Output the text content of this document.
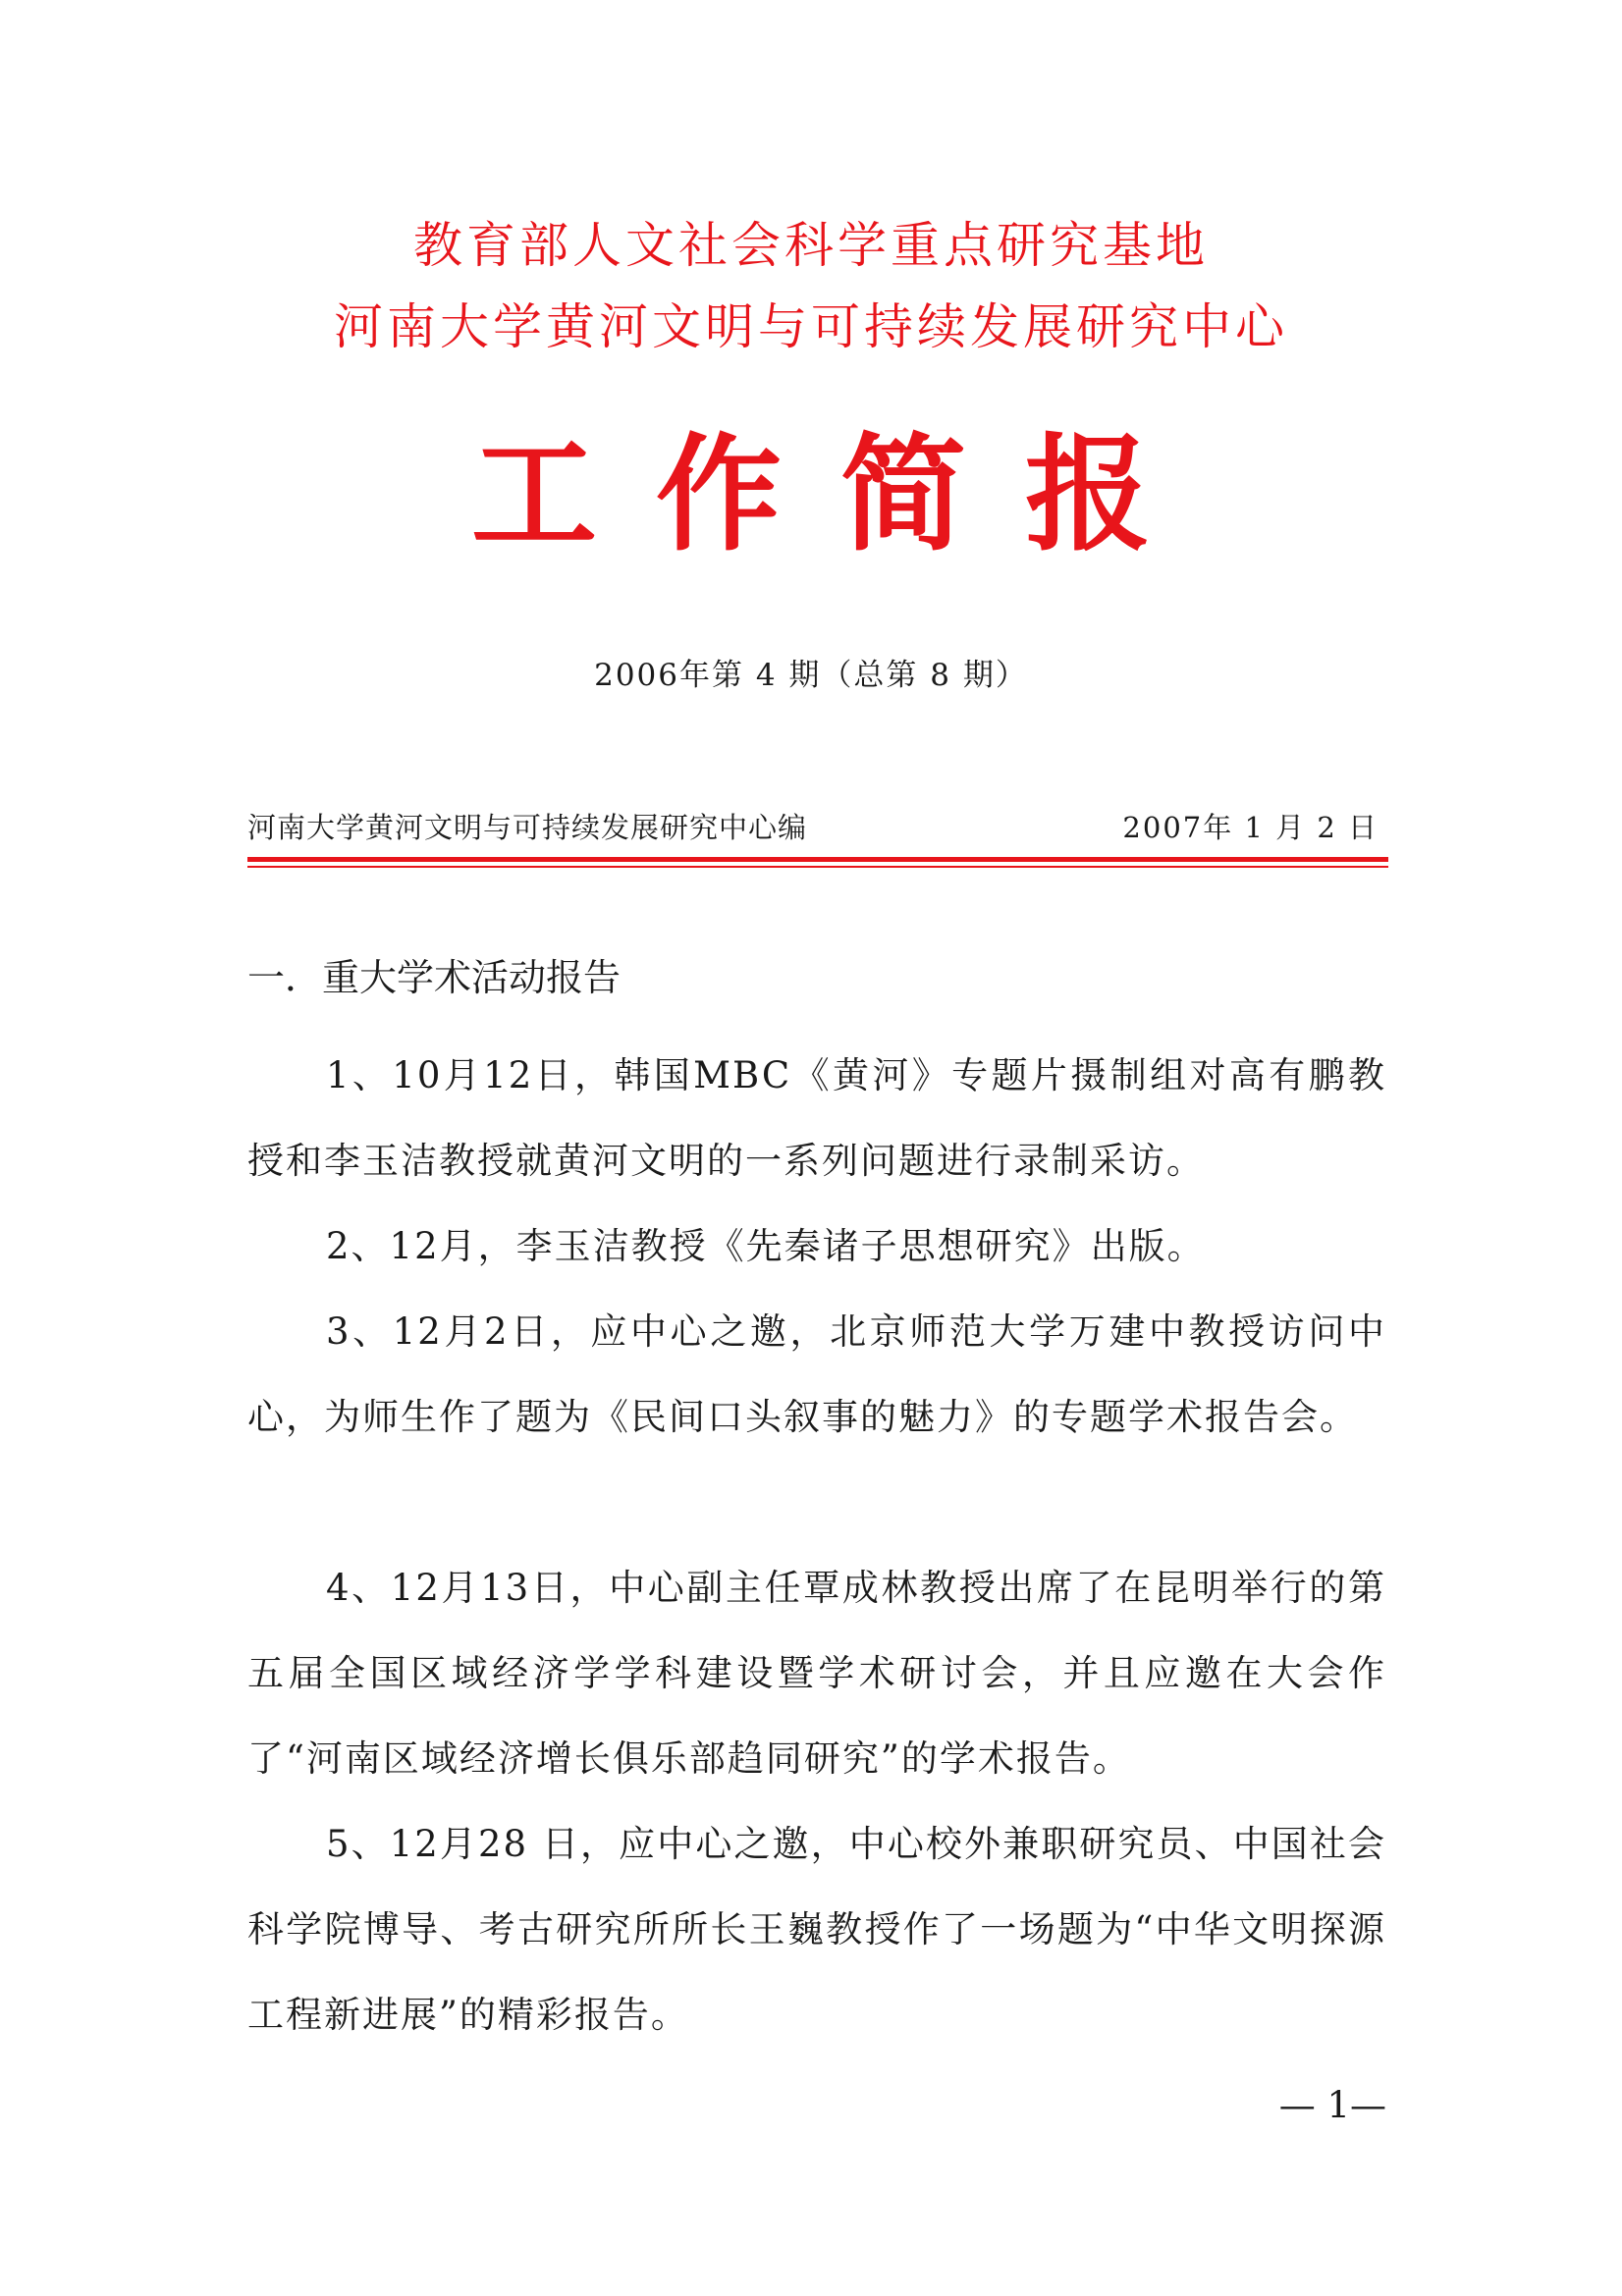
教育部人文社会科学重点研究基地
河南大学黄河文明与可持续发展研究中心
工作简报
2006年第 4 期（总第 8 期）
河南大学黄河文明与可持续发展研究中心编	2007年 1 月 2 日
一．重大学术活动报告

1、10月12日，韩国MBC《黄河》专题片摄制组对高有鹏教授和李玉洁教授就黄河文明的一系列问题进行录制采访。

2、12月，李玉洁教授《先秦诸子思想研究》出版。

3、12月2日，应中心之邀，北京师范大学万建中教授访问中心，为师生作了题为《民间口头叙事的魅力》的专题学术报告会。

4、12月13日，中心副主任覃成林教授出席了在昆明举行的第五届全国区域经济学学科建设暨学术研讨会，并且应邀在大会作了“河南区域经济增长俱乐部趋同研究”的学术报告。

5、12月28 日，应中心之邀，中心校外兼职研究员、中国社会科学院博导、考古研究所所长王巍教授作了一场题为“中华文明探源工程新进展”的精彩报告。

— 1—
